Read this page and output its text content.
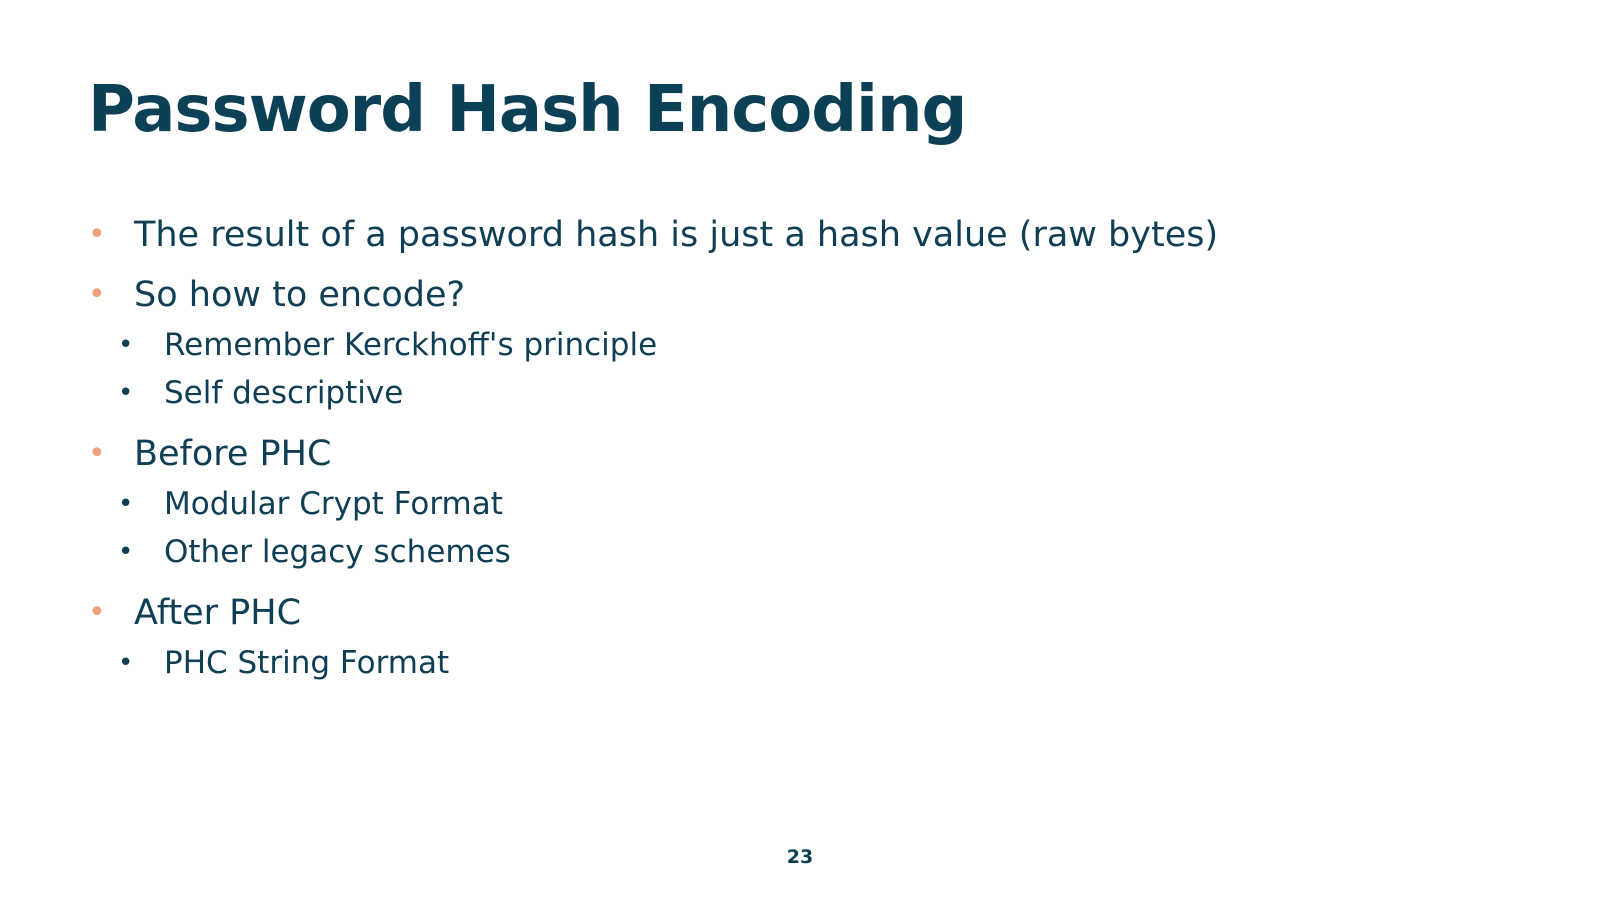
Password Hash Encoding
• The result of a password hash is just a hash value (raw bytes)
• So how to encode?
• Remember Kerckhoff's principle
• Self descriptive
• Before PHC
• Modular Crypt Format
• Other legacy schemes
• After PHC
• PHC String Format
23
